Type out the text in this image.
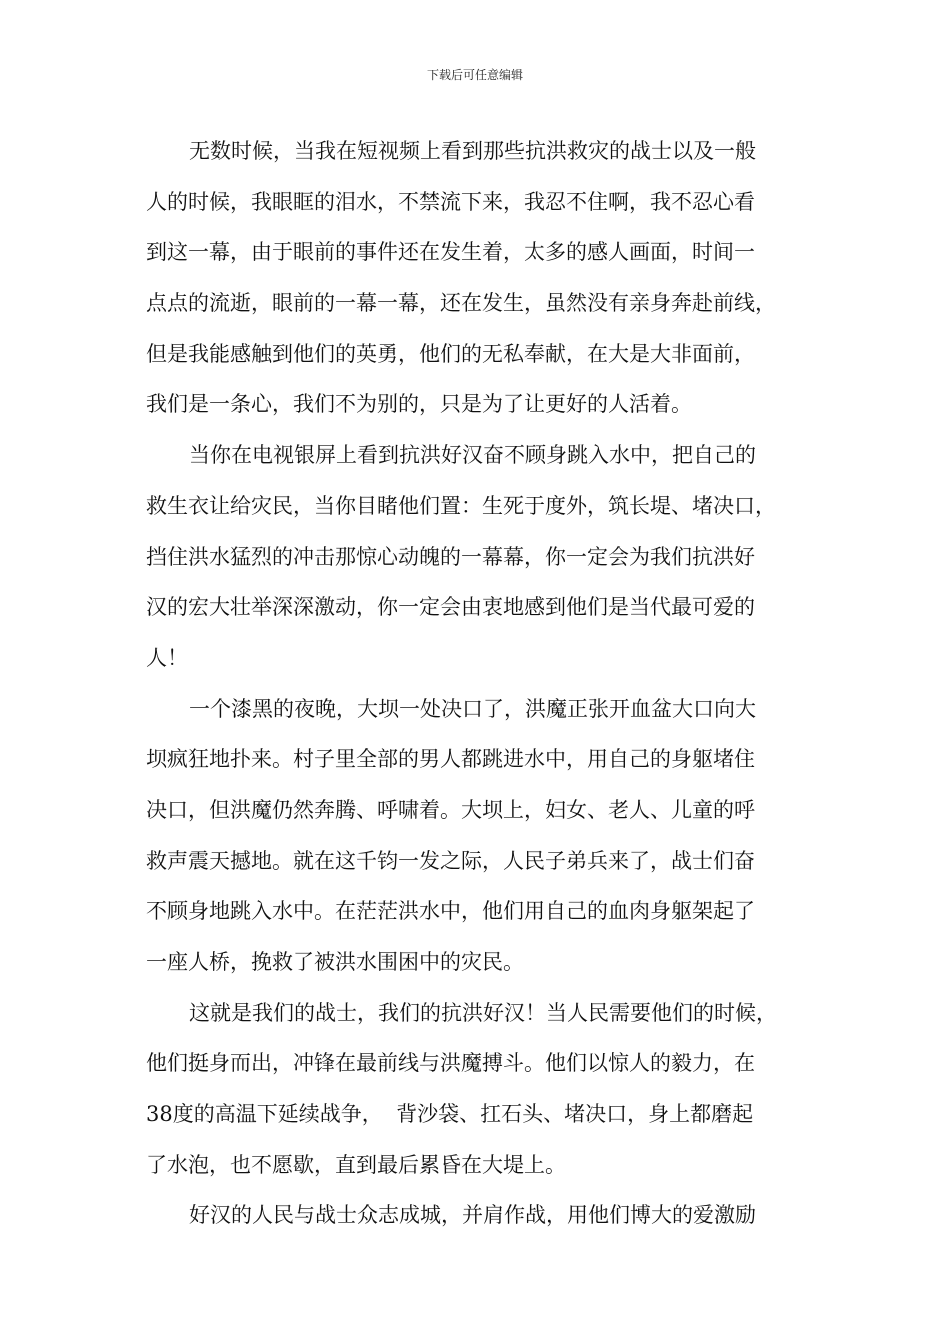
下载后可任意编辑
无数时候，当我在短视频上看到那些抗洪救灾的战士以及一般
人的时候，我眼眶的泪水，不禁流下来，我忍不住啊，我不忍心看
到这一幕，由于眼前的事件还在发生着，太多的感人画面，时间一
点点的流逝，眼前的一幕一幕，还在发生，虽然没有亲身奔赴前线，
但是我能感触到他们的英勇，他们的无私奉献，在大是大非面前，
我们是一条心，我们不为别的，只是为了让更好的人活着。
当你在电视银屏上看到抗洪好汉奋不顾身跳入水中，把自己的
救生衣让给灾民，当你目睹他们置：生死于度外，筑长堤、堵决口，
挡住洪水猛烈的冲击那惊心动魄的一幕幕，你一定会为我们抗洪好
汉的宏大壮举深深激动，你一定会由衷地感到他们是当代最可爱的
人！
一个漆黑的夜晚，大坝一处决口了，洪魔正张开血盆大口向大
坝疯狂地扑来。村子里全部的男人都跳进水中，用自己的身躯堵住
决口，但洪魔仍然奔腾、呼啸着。大坝上，妇女、老人、儿童的呼
救声震天撼地。就在这千钧一发之际，人民子弟兵来了，战士们奋
不顾身地跳入水中。在茫茫洪水中，他们用自己的血肉身躯架起了
一座人桥，挽救了被洪水围困中的灾民。
这就是我们的战士，我们的抗洪好汉！当人民需要他们的时候，
他们挺身而出，冲锋在最前线与洪魔搏斗。他们以惊人的毅力，在
38度的高温下延续战争，  背沙袋、扛石头、堵决口，身上都磨起
了水泡，也不愿歇，直到最后累昏在大堤上。
好汉的人民与战士众志成城，并肩作战，用他们博大的爱激励
